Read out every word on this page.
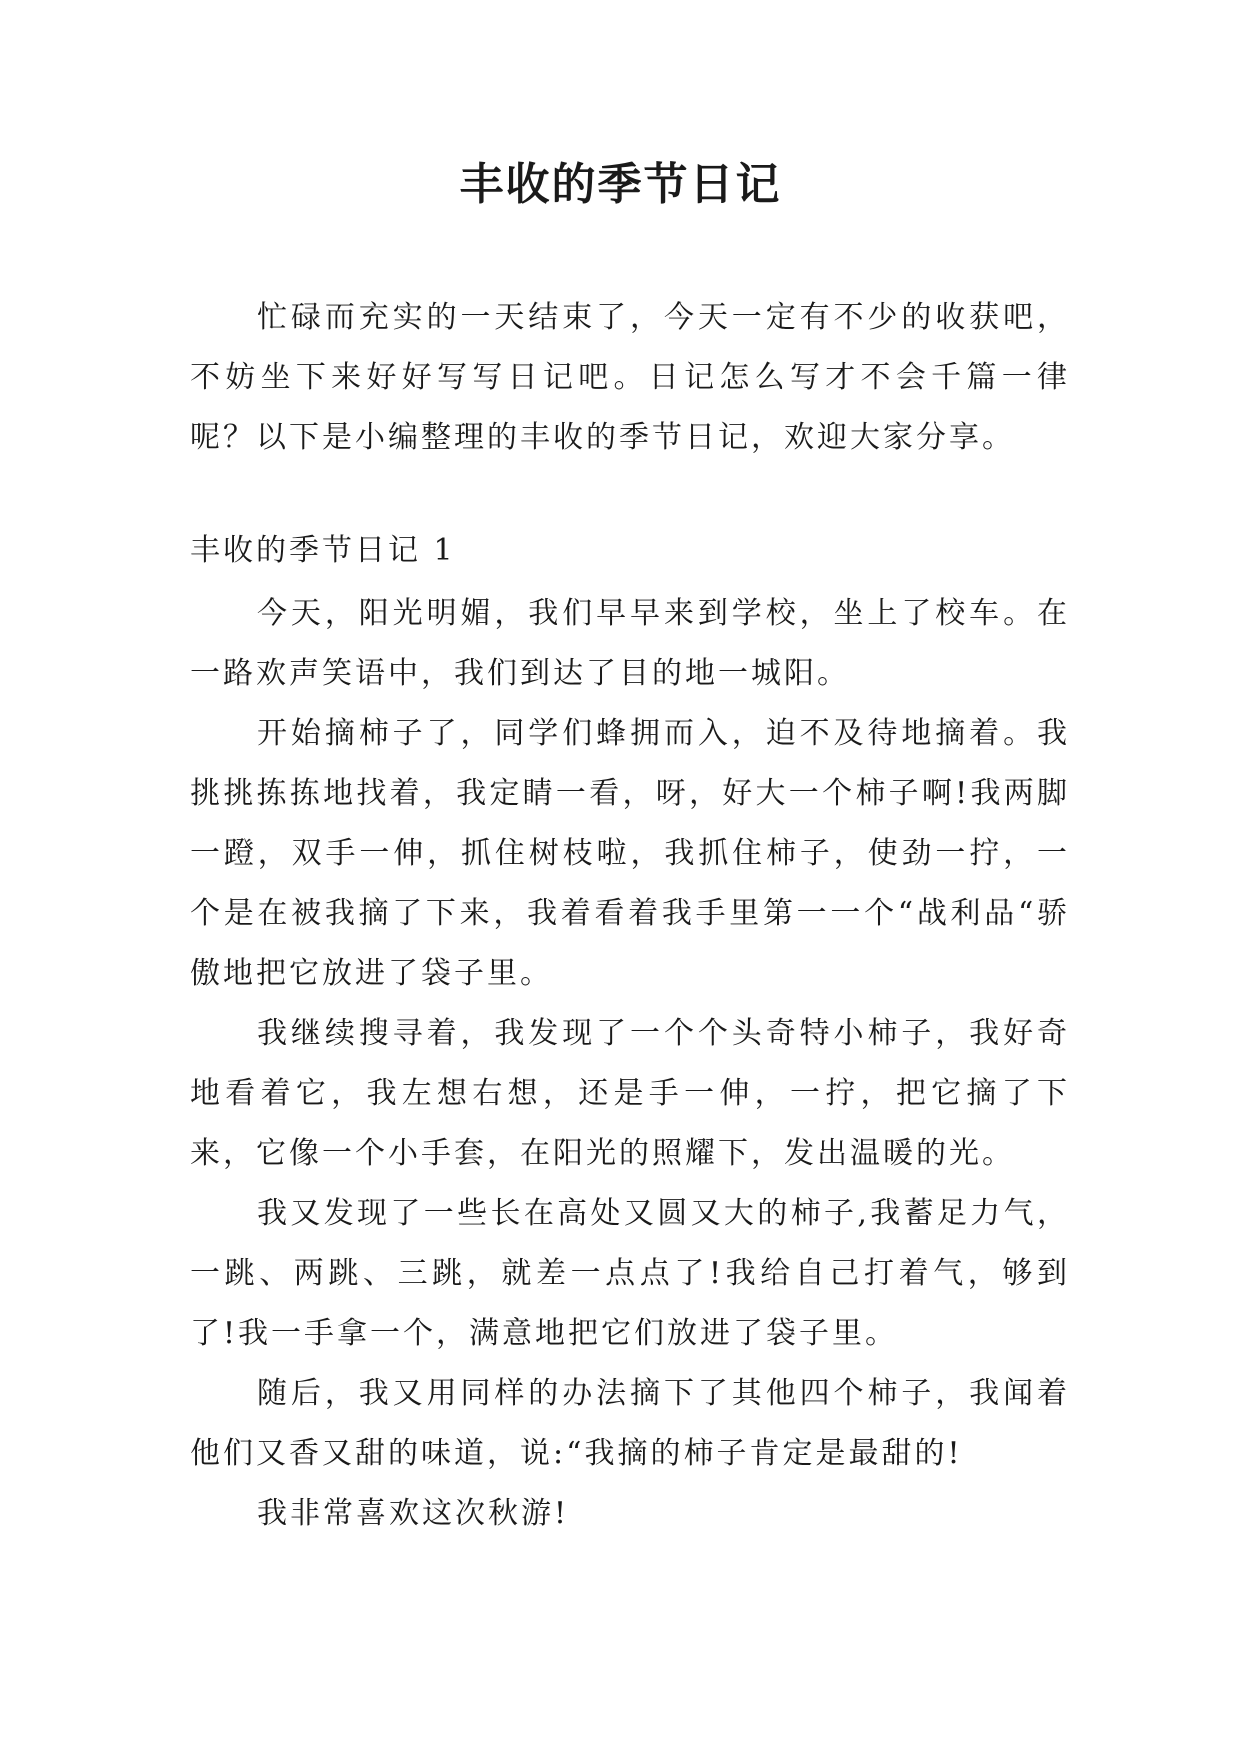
丰收的季节日记

忙碌而充实的一天结束了，今天一定有不少的收获吧，不妨坐下来好好写写日记吧。日记怎么写才不会千篇一律呢？以下是小编整理的丰收的季节日记，欢迎大家分享。

丰收的季节日记 1

今天，阳光明媚，我们早早来到学校，坐上了校车。在一路欢声笑语中，我们到达了目的地一城阳。

开始摘柿子了，同学们蜂拥而入，迫不及待地摘着。我挑挑拣拣地找着，我定睛一看，呀，好大一个柿子啊!我两脚一蹬，双手一伸，抓住树枝啦，我抓住柿子，使劲一拧，一个是在被我摘了下来，我着看着我手里第一一个“战利品“骄傲地把它放进了袋子里。

我继续搜寻着，我发现了一个个头奇特小柿子，我好奇地看着它，我左想右想，还是手一伸，一拧，把它摘了下来，它像一个小手套，在阳光的照耀下，发出温暖的光。

我又发现了一些长在高处又圆又大的柿子,我蓄足力气，一跳、两跳、三跳，就差一点点了!我给自己打着气，够到了!我一手拿一个，满意地把它们放进了袋子里。

随后，我又用同样的办法摘下了其他四个柿子，我闻着他们又香又甜的味道，说:“我摘的柿子肯定是最甜的!

我非常喜欢这次秋游!
